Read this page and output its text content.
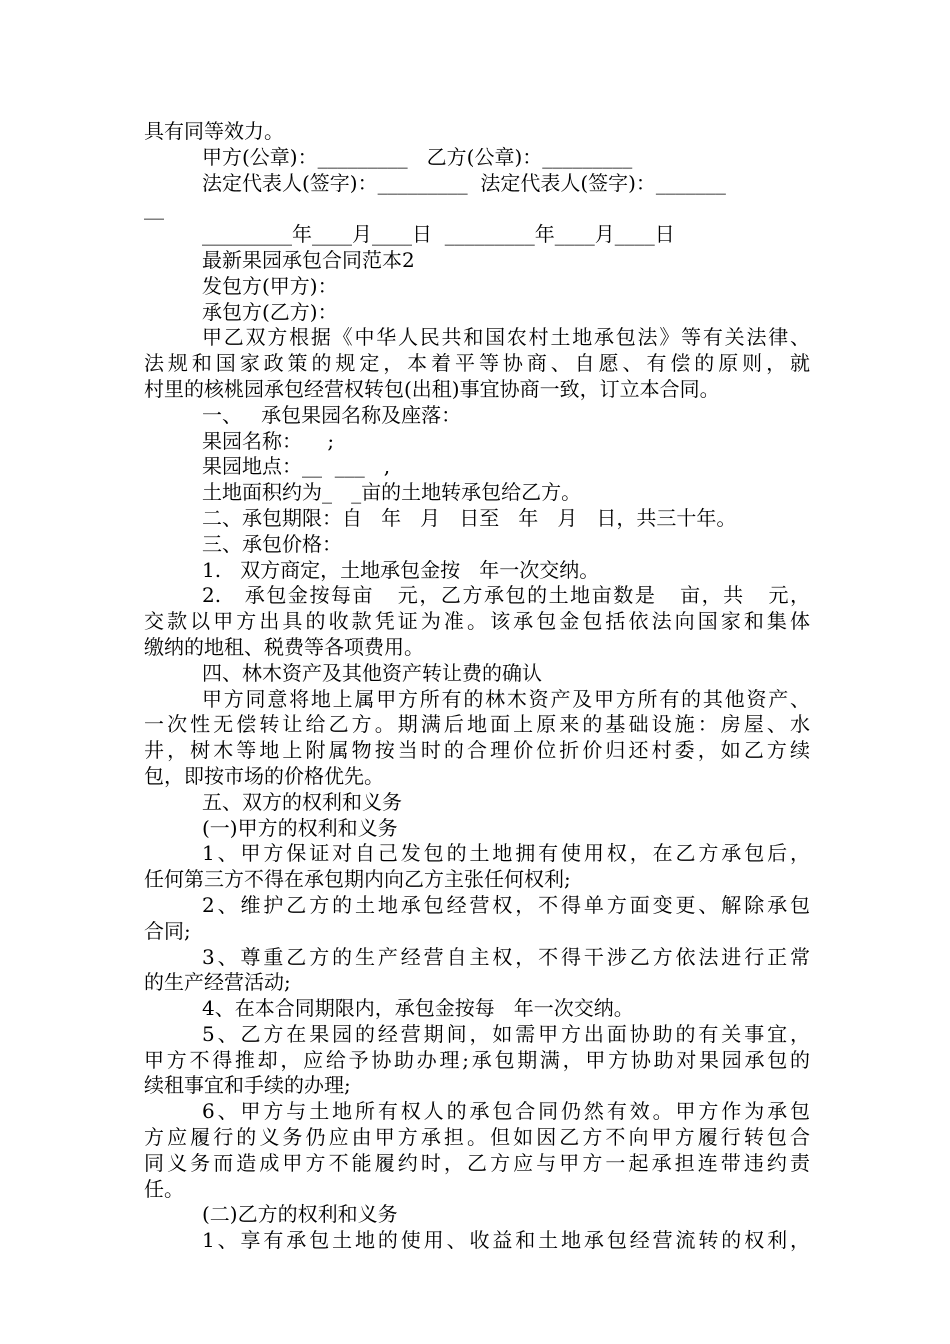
具有同等效力。
甲方(公章)：_________   乙方(公章)：_________
法定代表人(签字)：_________  法定代表人(签字)：_______
__
_________年____月____日  _________年____月____日
最新果园承包合同范本2
发包方(甲方)：
承包方(乙方)：
甲乙双方根据《中华人民共和国农村土地承包法》等有关法律、
法规和国家政策的规定，本着平等协商、自愿、有偿的原则，就
村里的核桃园承包经营权转包(出租)事宜协商一致，订立本合同。
一、   承包果园名称及座落：
果园名称：    ;
果园地点：__  ___   ,
土地面积约为_   _亩的土地转承包给乙方。
二、承包期限：自   年   月   日至   年   月   日，共三十年。
三、承包价格：
1.   双方商定，土地承包金按   年一次交纳。
2.   承包金按每亩   元，乙方承包的土地亩数是   亩，共   元，
交款以甲方出具的收款凭证为准。该承包金包括依法向国家和集体
缴纳的地租、税费等各项费用。
四、林木资产及其他资产转让费的确认
甲方同意将地上属甲方所有的林木资产及甲方所有的其他资产、
一次性无偿转让给乙方。期满后地面上原来的基础设施：房屋、水
井，树木等地上附属物按当时的合理价位折价归还村委，如乙方续
包，即按市场的价格优先。
五、双方的权利和义务
(一)甲方的权利和义务
1、甲方保证对自己发包的土地拥有使用权，在乙方承包后，
任何第三方不得在承包期内向乙方主张任何权利;
2、维护乙方的土地承包经营权，不得单方面变更、解除承包
合同;
3、尊重乙方的生产经营自主权，不得干涉乙方依法进行正常
的生产经营活动;
4、在本合同期限内，承包金按每   年一次交纳。
5、乙方在果园的经营期间，如需甲方出面协助的有关事宜，
甲方不得推却，应给予协助办理;承包期满，甲方协助对果园承包的
续租事宜和手续的办理;
6、甲方与土地所有权人的承包合同仍然有效。甲方作为承包
方应履行的义务仍应由甲方承担。但如因乙方不向甲方履行转包合
同义务而造成甲方不能履约时，乙方应与甲方一起承担连带违约责
任。
(二)乙方的权利和义务
1、享有承包土地的使用、收益和土地承包经营流转的权利，
